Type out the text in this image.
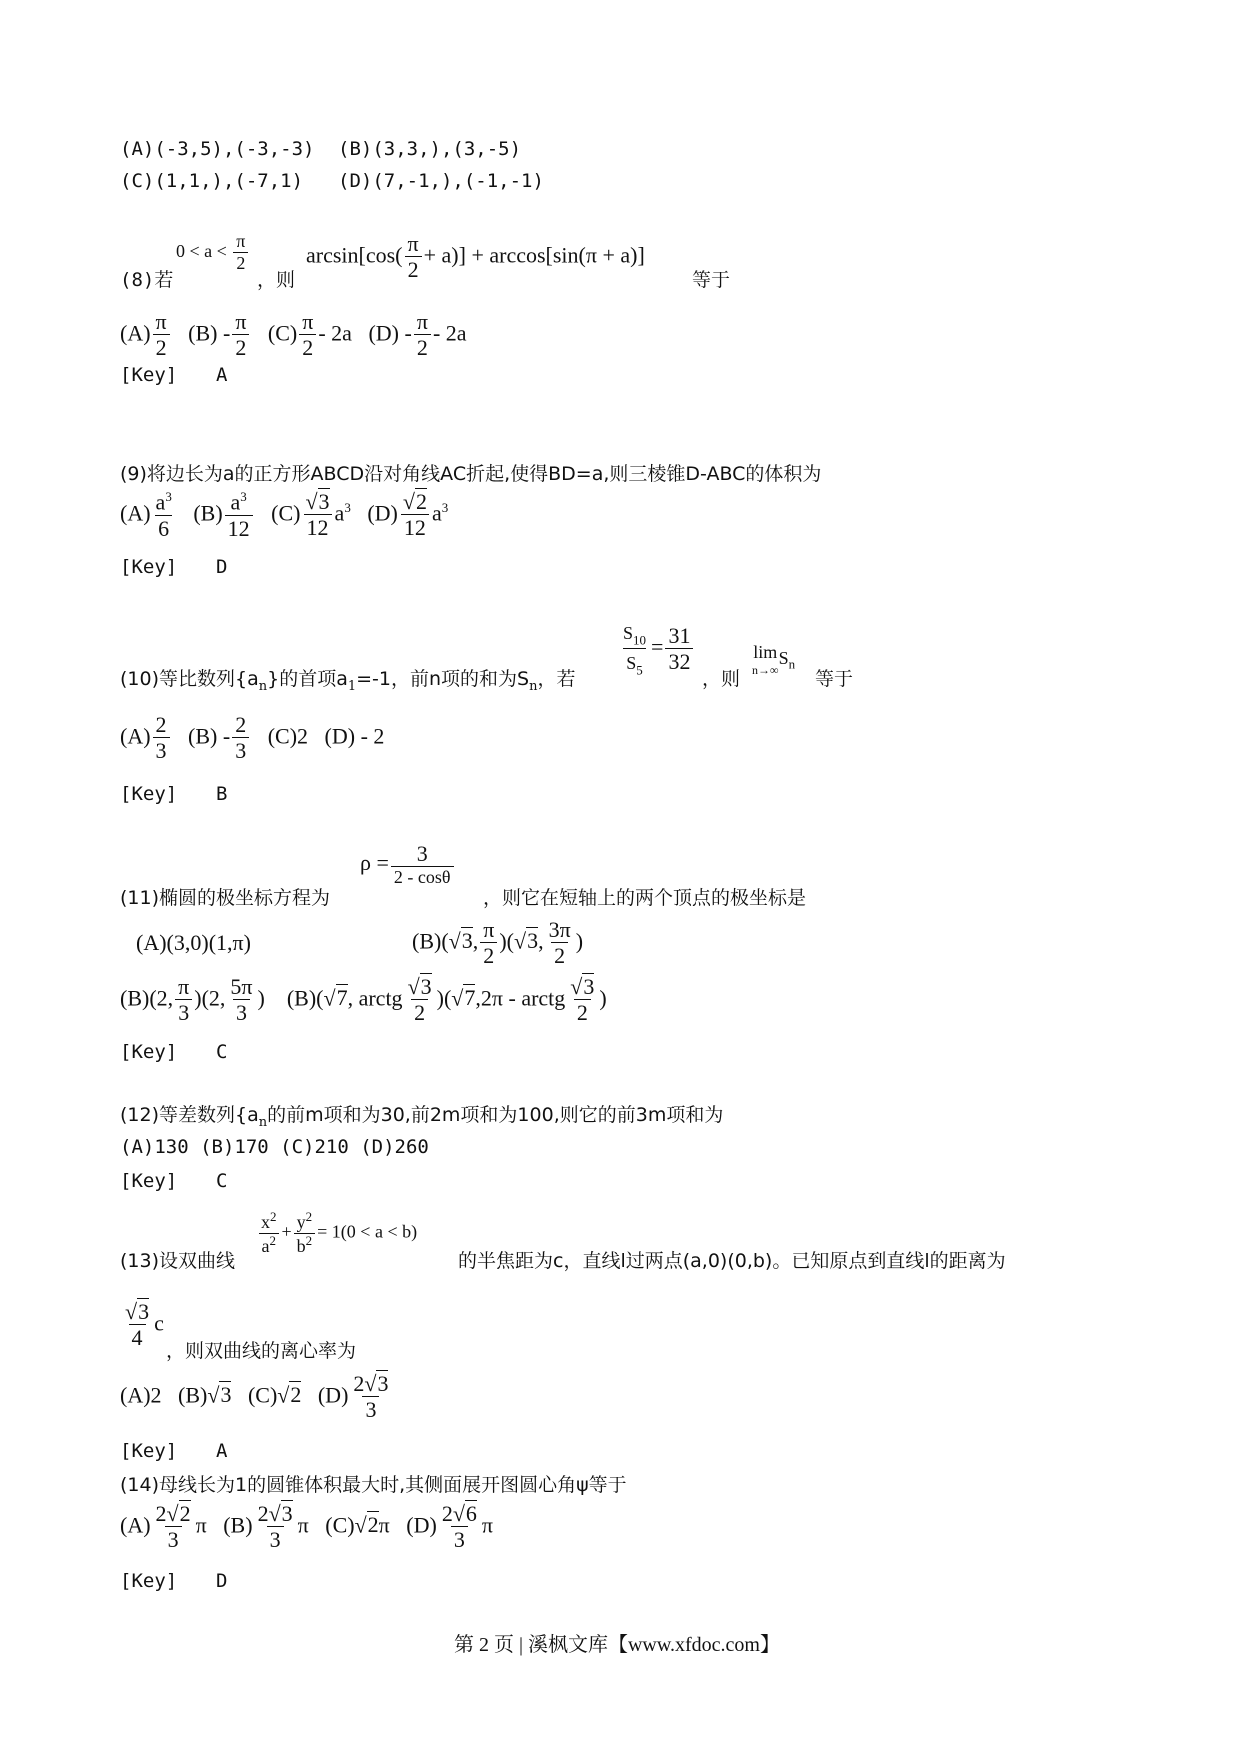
(A)(-3,5),(-3,-3) (B)(3,3,),(3,-5)
(C)(1,1,),(-7,1) (D)(7,-1,),(-1,-1)
(8)若
$0 < a < \frac{\pi}{2}$
，则
$\arcsin[\cos( \frac{\pi}{2} + a)] + \arccos[\sin(\pi + a)]$
等于
$(A) \frac{\pi}{2} (B) - \frac{\pi}{2} (C) \frac{\pi}{2} - 2a$ $(D) - \frac{\pi}{2} - 2a$
[Key] A
(9)将边长为a的正方形ABCD沿对角线AC折起,使得BD=a,则三棱锥D-ABC的体积为
$(A) \frac{a^3}{6} (B) \frac{a^3}{12} (C) \frac{√3}{12} a^3$ $(D) \frac{√2}{12} a^3$
[Key] D
(10)等比数列$\{a_n\}$的首项$a_1=-1$，前n项的和为$S_n$，若
$\frac{S_{10}}{S_5} = \frac{31}{32}$
，则
lim
n→∞
$S_n$
等于
$(A) \frac{2}{3} (B) - \frac{2}{3} (C)2$ (D) - 2
[Key] B
(11)椭圆的极坐标方程为
$\rho = \frac{3}{2 - \cos\theta}$
，则它在短轴上的两个顶点的极坐标是
(A)(3,0)(1,π)	(B)(√3, $\frac{\pi}{2} )(√3$, $\frac{3\pi}{2}$ )
(B)(2, $\frac{\pi}{3} )(2$, $\frac{5\pi}{3}$ )    (B)(√7, arctg $\frac{√3}{2} )(√7,2\pi$ - arctg $\frac{√3}{2}$ )
[Key] C
(12)等差数列{$a_n$的前m项和为30,前2m项和为100,则它的前3m项和为
(A)130 (B)170 (C)210 (D)260
[Key] C
(13)设双曲线
$\frac{x^2}{a^2} + \frac{y^2}{b^2} = 1(0 < a < b)$
的半焦距为c，直线l过两点(a,0)(0,b)。已知原点到直线l的距离为
$\frac{√3}{4}$ c
，则双曲线的离心率为
(A)2 (B)√3 (C)√2 $(D) \frac{2√3}{3}$
[Key] A
(14)母线长为1的圆锥体积最大时,其侧面展开图圆心角ψ等于
$(A) \frac{2√2}{3}$ π $(B) \frac{2√3}{3}$ π (C)√2π $(D) \frac{2√6}{3}$ π
[Key] D
第 2 页 | 溪枫文库【www.xfdoc.com】
